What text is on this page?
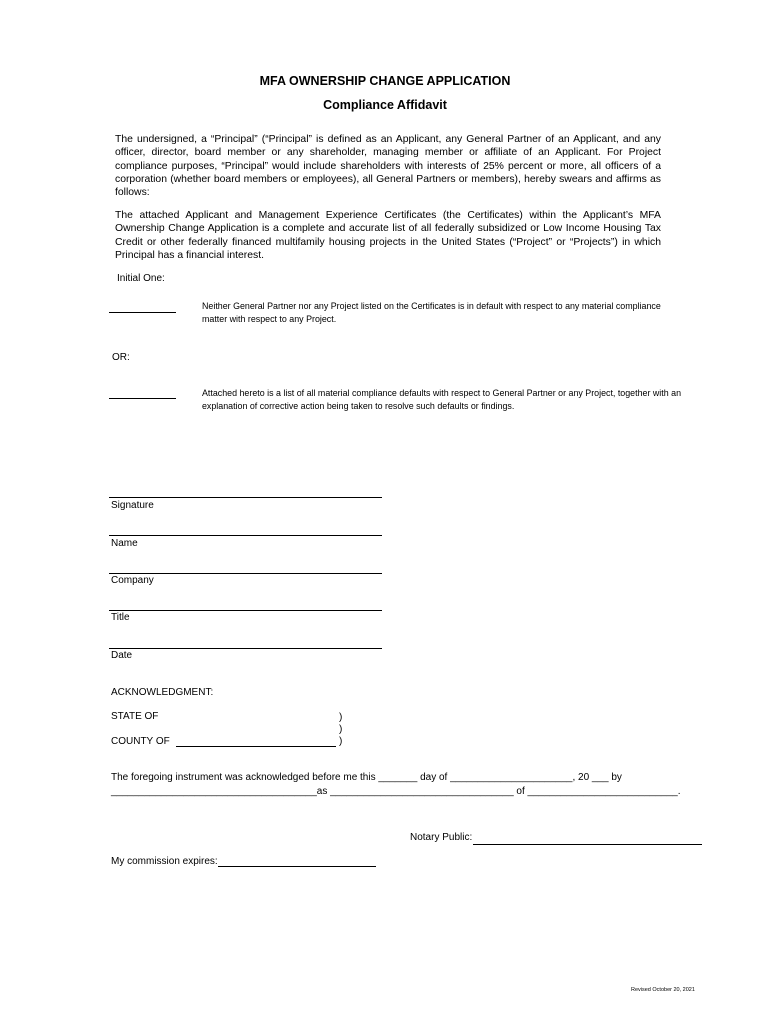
MFA OWNERSHIP CHANGE APPLICATION
Compliance Affidavit
The undersigned, a “Principal” (“Principal” is defined as an Applicant, any General Partner of an Applicant, and any officer, director, board member or any shareholder, managing member or affiliate of an Applicant. For Project compliance purposes, “Principal” would include shareholders with interests of 25% percent or more, all officers of a corporation (whether board members or employees), all General Partners or members), hereby swears and affirms as follows:
The attached Applicant and Management Experience Certificates (the Certificates) within the Applicant’s MFA Ownership Change Application is a complete and accurate list of all federally subsidized or Low Income Housing Tax Credit or other federally financed multifamily housing projects in the United States (“Project” or “Projects”) in which Principal has a financial interest.
Initial One:
Neither General Partner nor any Project listed on the Certificates is in default with respect to any material compliance matter with respect to any Project.
OR:
Attached hereto is a list of all material compliance defaults with respect to General Partner or any Project, together with an explanation of corrective action being taken to resolve such defaults or findings.
Signature
Name
Company
Title
Date
ACKNOWLEDGMENT:
STATE OF	)
)
COUNTY OF	)
The foregoing instrument was acknowledged before me this _______ day of ______________________, 20 ___ by
_____________________________________as _________________________________ of ___________________________.
Notary Public:
My commission expires:
Revised October 20, 2021
